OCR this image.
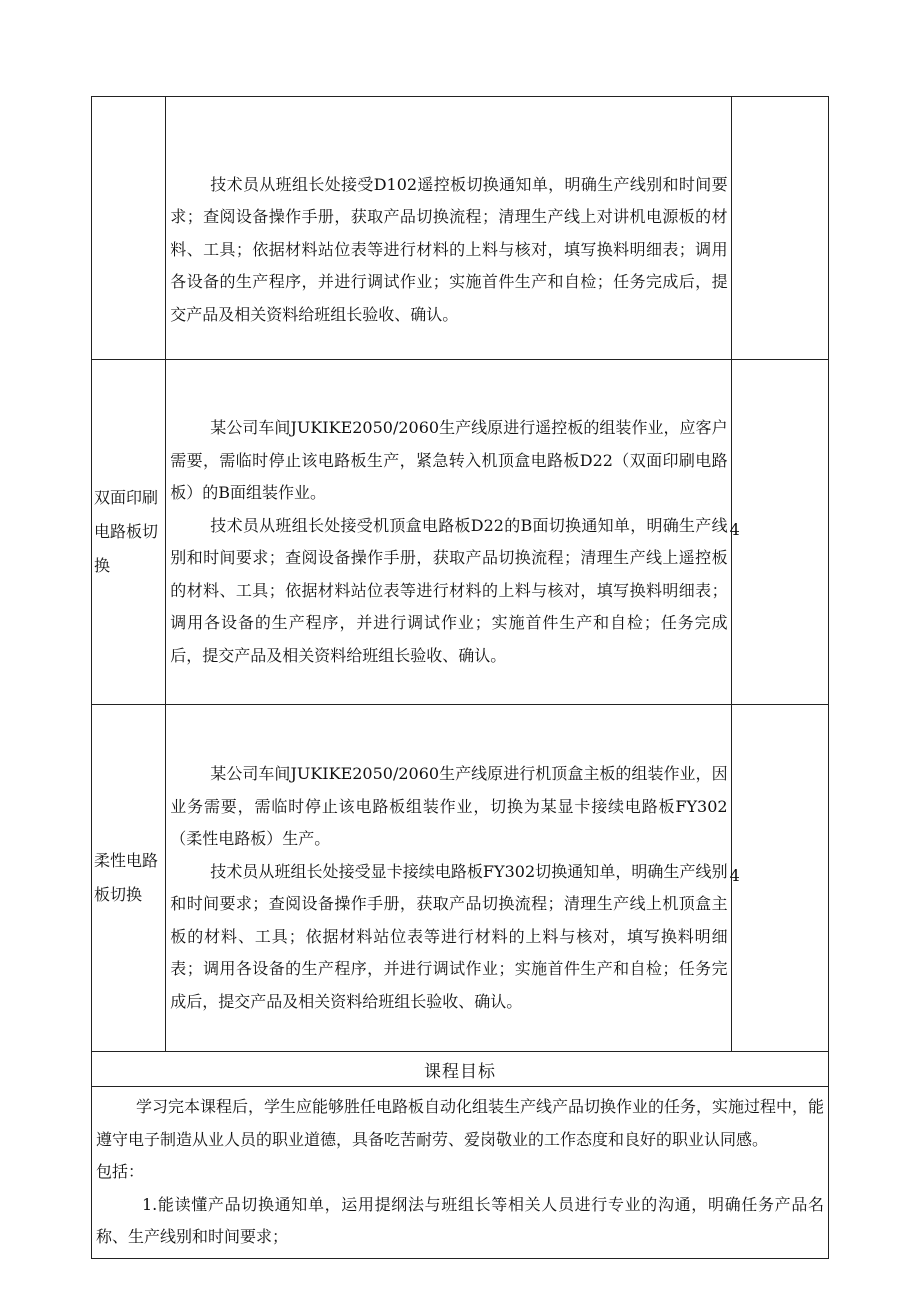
	技术员从班组长处接受D102遥控板切换通知单，明确生产线别和时间要求；查阅设备操作手册，获取产品切换流程；清理生产线上对讲机电源板的材料、工具；依据材料站位表等进行材料的上料与核对，填写换料明细表；调用各设备的生产程序，并进行调试作业；实施首件生产和自检；任务完成后，提交产品及相关资料给班组长验收、确认。	

双面印刷电路板切换	某公司车间JUKIKE2050/2060生产线原进行遥控板的组装作业，应客户需要，需临时停止该电路板生产，紧急转入机顶盒电路板D22（双面印刷电路板）的B面组装作业。

技术员从班组长处接受机顶盒电路板D22的B面切换通知单，明确生产线别和时间要求；查阅设备操作手册，获取产品切换流程；清理生产线上遥控板的材料、工具；依据材料站位表等进行材料的上料与核对，填写换料明细表；调用各设备的生产程序，并进行调试作业；实施首件生产和自检；任务完成后，提交产品及相关资料给班组长验收、确认。	4

柔性电路板切换	某公司车间JUKIKE2050/2060生产线原进行机顶盒主板的组装作业，因业务需要，需临时停止该电路板组装作业，切换为某显卡接续电路板FY302（柔性电路板）生产。

技术员从班组长处接受显卡接续电路板FY302切换通知单，明确生产线别和时间要求；查阅设备操作手册，获取产品切换流程；清理生产线上机顶盒主板的材料、工具；依据材料站位表等进行材料的上料与核对，填写换料明细表；调用各设备的生产程序，并进行调试作业；实施首件生产和自检；任务完成后，提交产品及相关资料给班组长验收、确认。	4

课程目标		

学习完本课程后，学生应能够胜任电路板自动化组装生产线产品切换作业的任务，实施过程中，能遵守电子制造从业人员的职业道德，具备吃苦耐劳、爱岗敬业的工作态度和良好的职业认同感。

包括：

1.能读懂产品切换通知单，运用提纲法与班组长等相关人员进行专业的沟通，明确任务产品名称、生产线别和时间要求；		
